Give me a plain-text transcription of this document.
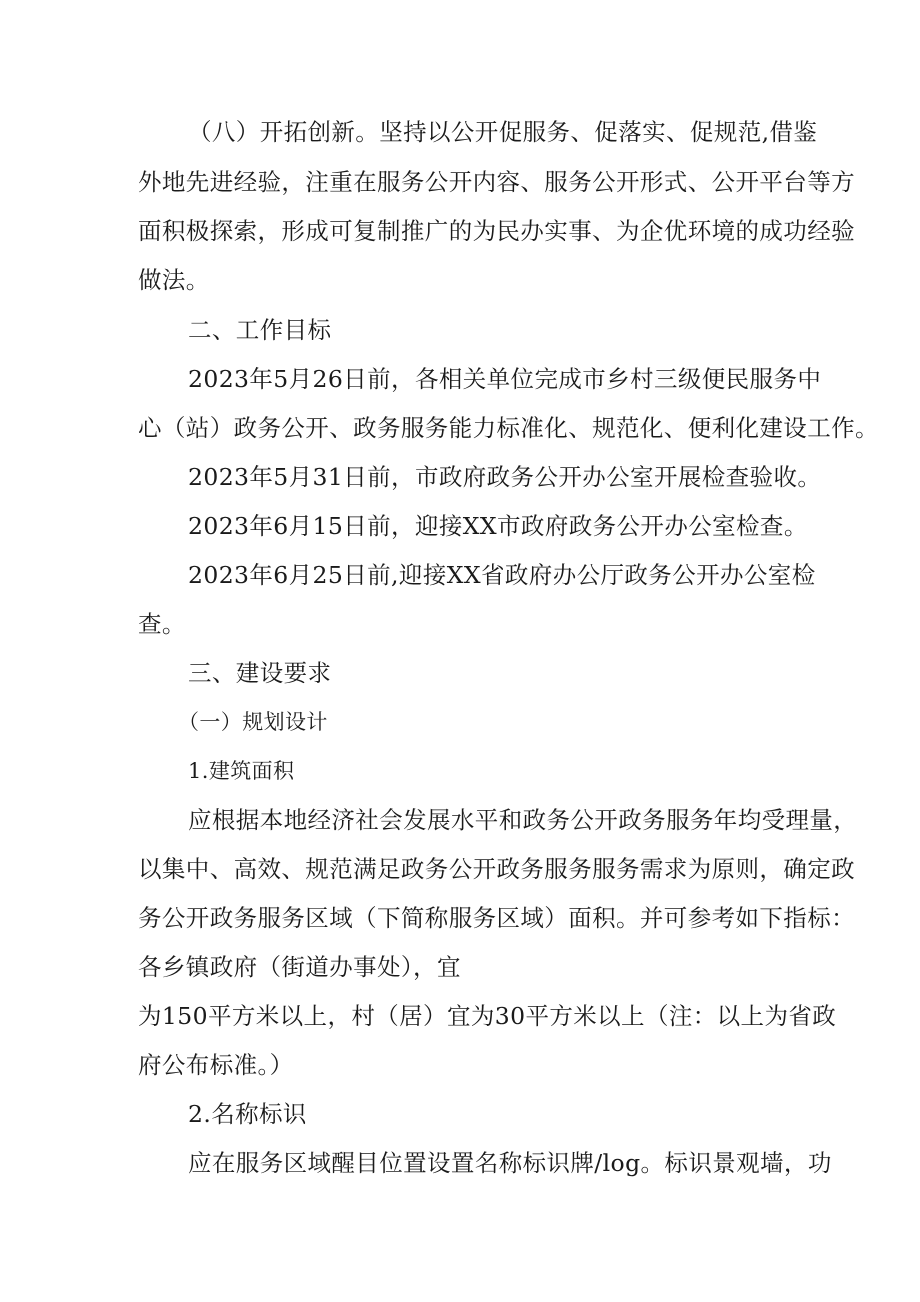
（八）开拓创新。坚持以公开促服务、促落实、促规范,借鉴
外地先进经验，注重在服务公开内容、服务公开形式、公开平台等方
面积极探索，形成可复制推广的为民办实事、为企优环境的成功经验
做法。
二、工作目标
2023年5月26日前，各相关单位完成市乡村三级便民服务中
心（站）政务公开、政务服务能力标准化、规范化、便利化建设工作。
2023年5月31日前，市政府政务公开办公室开展检查验收。
2023年6月15日前，迎接XX市政府政务公开办公室检查。
2023年6月25日前,迎接XX省政府办公厅政务公开办公室检
查。
三、建设要求
（一）规划设计
1.建筑面积
应根据本地经济社会发展水平和政务公开政务服务年均受理量，
以集中、高效、规范满足政务公开政务服务服务需求为原则，确定政
务公开政务服务区域（下简称服务区域）面积。并可参考如下指标：
各乡镇政府（街道办事处），宜
为150平方米以上，村（居）宜为30平方米以上（注：以上为省政
府公布标准。）
2.名称标识
应在服务区域醒目位置设置名称标识牌/log。标识景观墙，功
